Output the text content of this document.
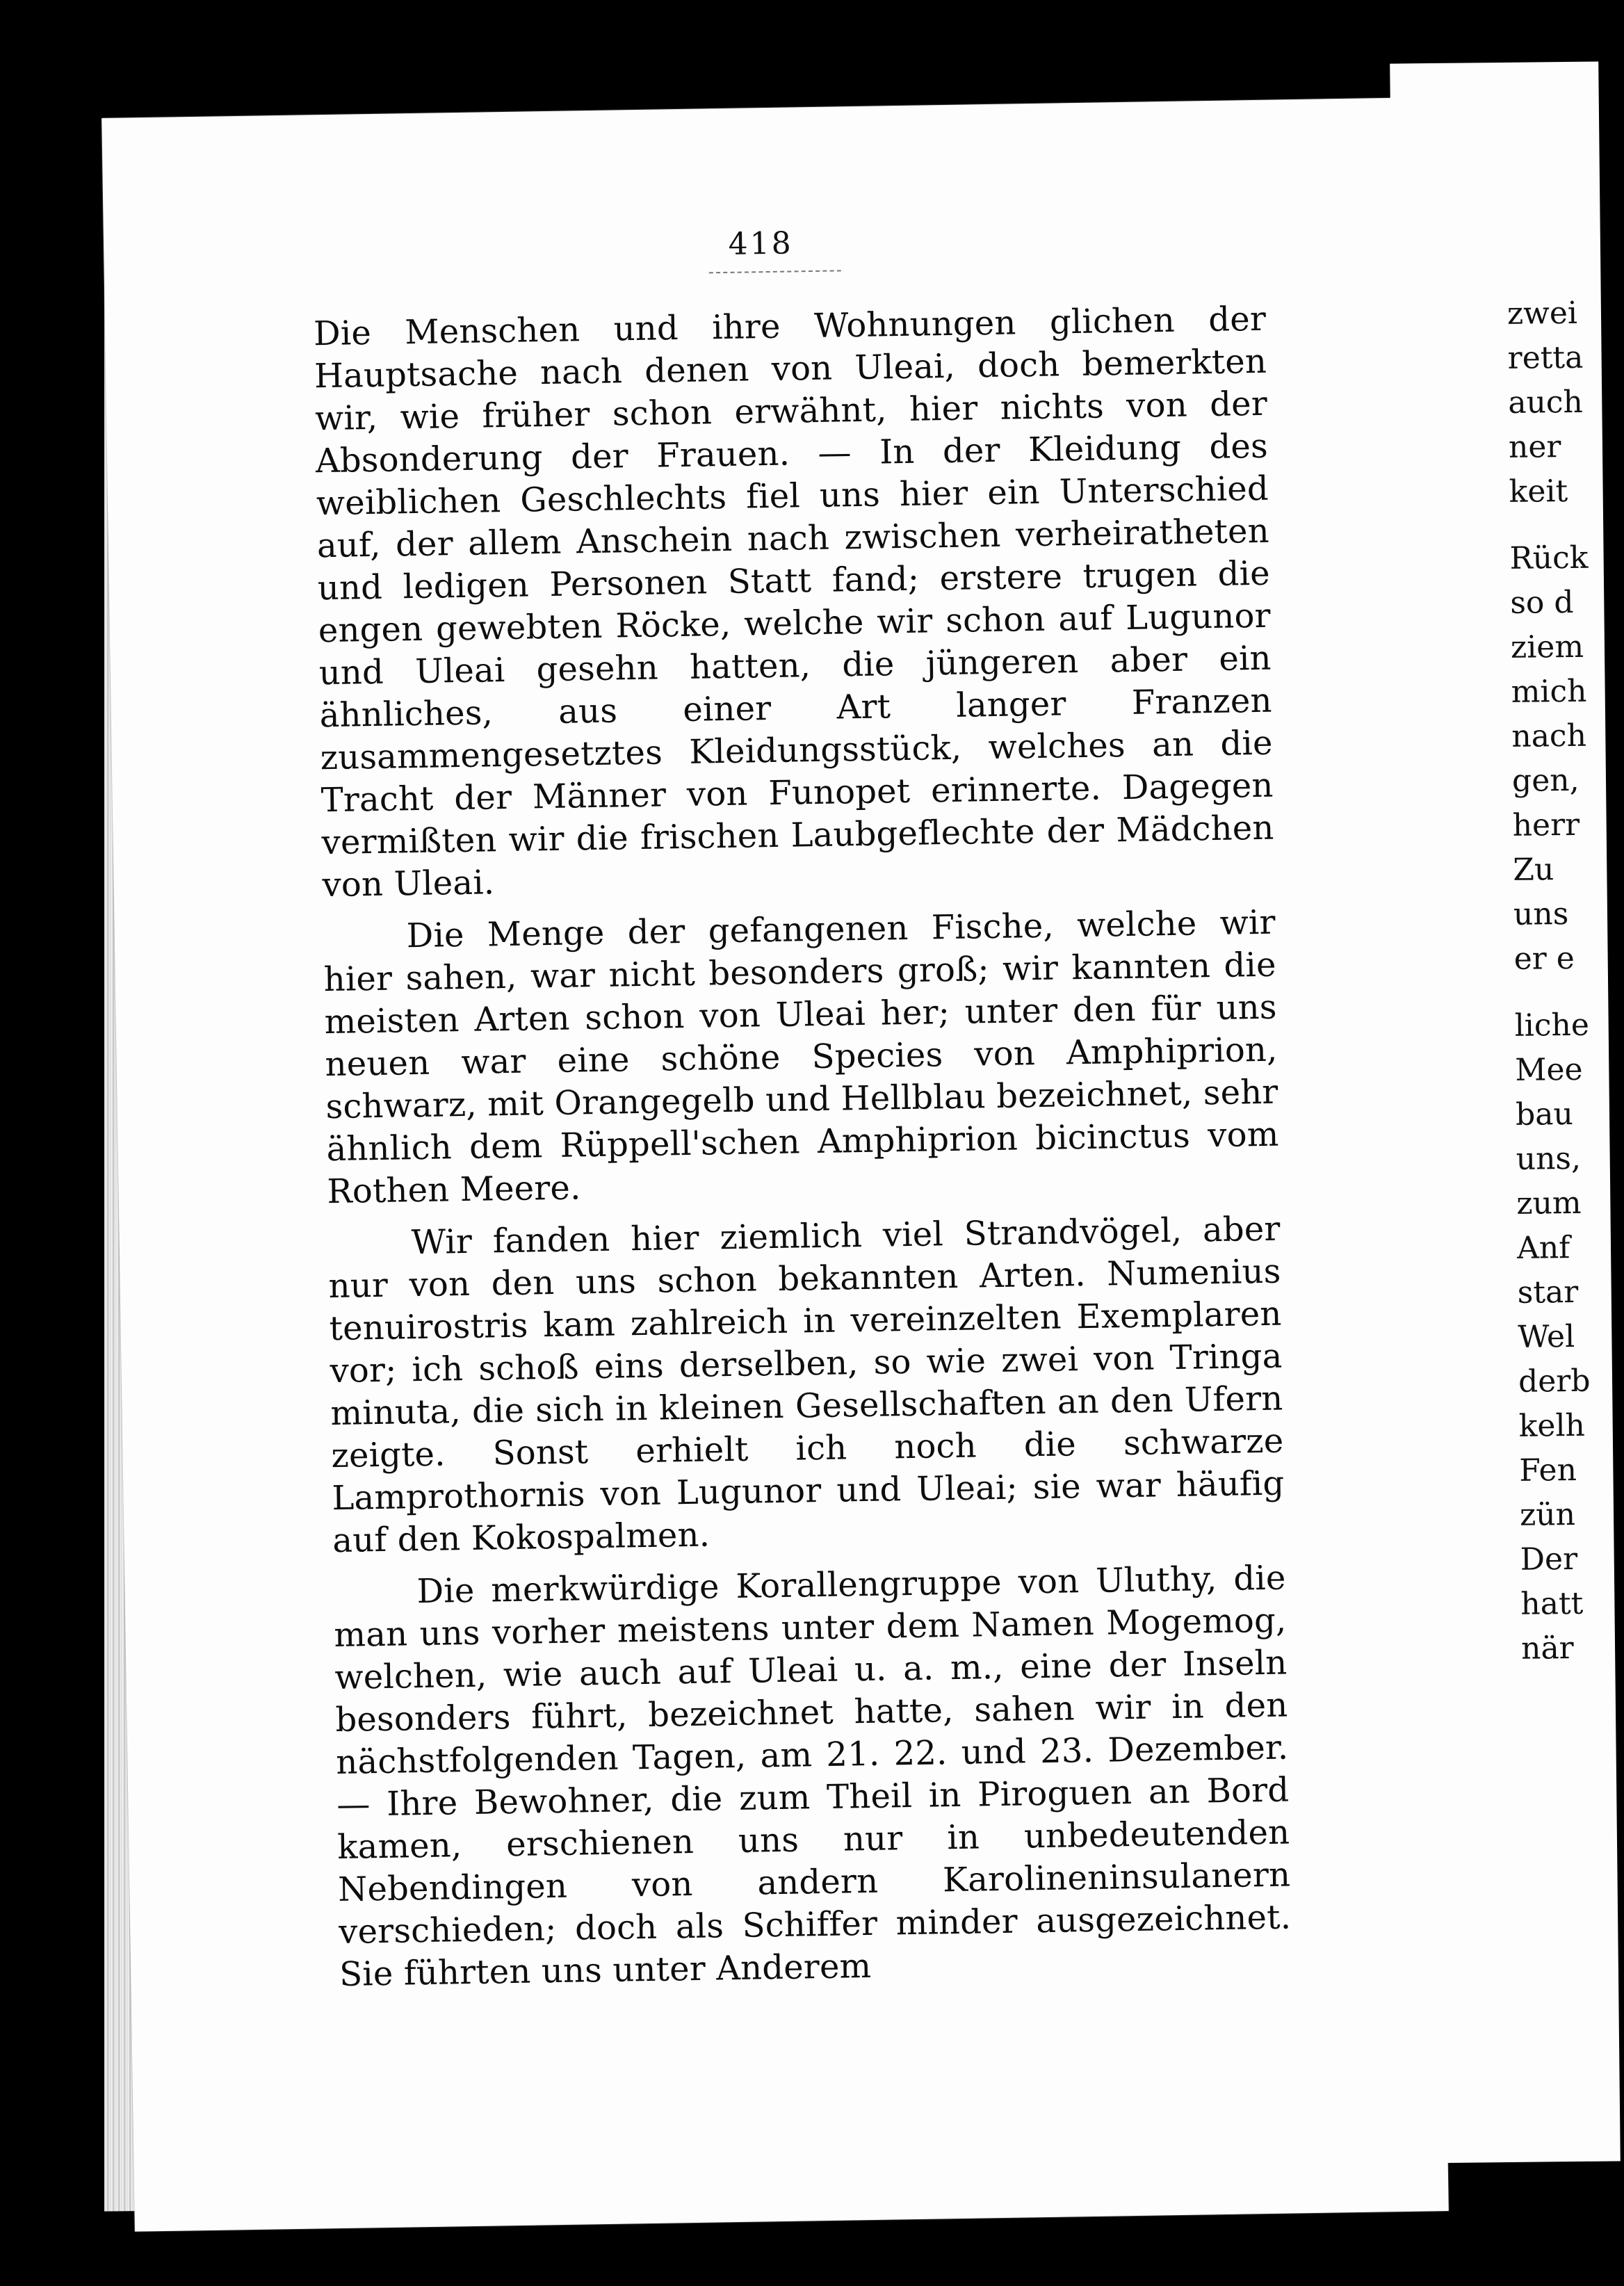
418

Die Menschen und ihre Wohnungen glichen der Hauptsache nach denen von Uleai, doch bemerkten wir, wie früher schon erwähnt, hier nichts von der Absonderung der Frauen. — In der Kleidung des weiblichen Geschlechts fiel uns hier ein Unterschied auf, der allem Anschein nach zwischen verheiratheten und ledigen Personen Statt fand; erstere trugen die engen gewebten Röcke, welche wir schon auf Lugunor und Uleai gesehn hatten, die jüngeren aber ein ähnliches, aus einer Art langer Franzen zusammengesetztes Kleidungsstück, welches an die Tracht der Männer von Funopet erinnerte. Dagegen vermißten wir die frischen Laubgeflechte der Mädchen von Uleai.

Die Menge der gefangenen Fische, welche wir hier sahen, war nicht besonders groß; wir kannten die meisten Arten schon von Uleai her; unter den für uns neuen war eine schöne Species von Amphiprion, schwarz, mit Orangegelb und Hellblau bezeichnet, sehr ähnlich dem Rüppell'schen Amphiprion bicinctus vom Rothen Meere.

Wir fanden hier ziemlich viel Strandvögel, aber nur von den uns schon bekannten Arten. Numenius tenuirostris kam zahlreich in vereinzelten Exemplaren vor; ich schoß eins derselben, so wie zwei von Tringa minuta, die sich in kleinen Gesellschaften an den Ufern zeigte. Sonst erhielt ich noch die schwarze Lamprothornis von Lugunor und Uleai; sie war häufig auf den Kokospalmen.

Die merkwürdige Korallengruppe von Uluthy, die man uns vorher meistens unter dem Namen Mogemog, welchen, wie auch auf Uleai u. a. m., eine der Inseln besonders führt, bezeichnet hatte, sahen wir in den nächstfolgenden Tagen, am 21. 22. und 23. Dezember. — Ihre Bewohner, die zum Theil in Piroguen an Bord kamen, erschienen uns nur in unbedeutenden Nebendingen von andern Karolineninsulanern verschieden; doch als Schiffer minder ausgezeichnet. Sie führten uns unter Anderem

zwei
retta
auch
ner
keit
Rück
so d
ziem
mich
nach
gen,
herr
Zu
uns
er e
liche
Mee
bau
uns,
zum
Anf
star
Wel
derb
kelh
Fen
zün
Der
hatt
när
